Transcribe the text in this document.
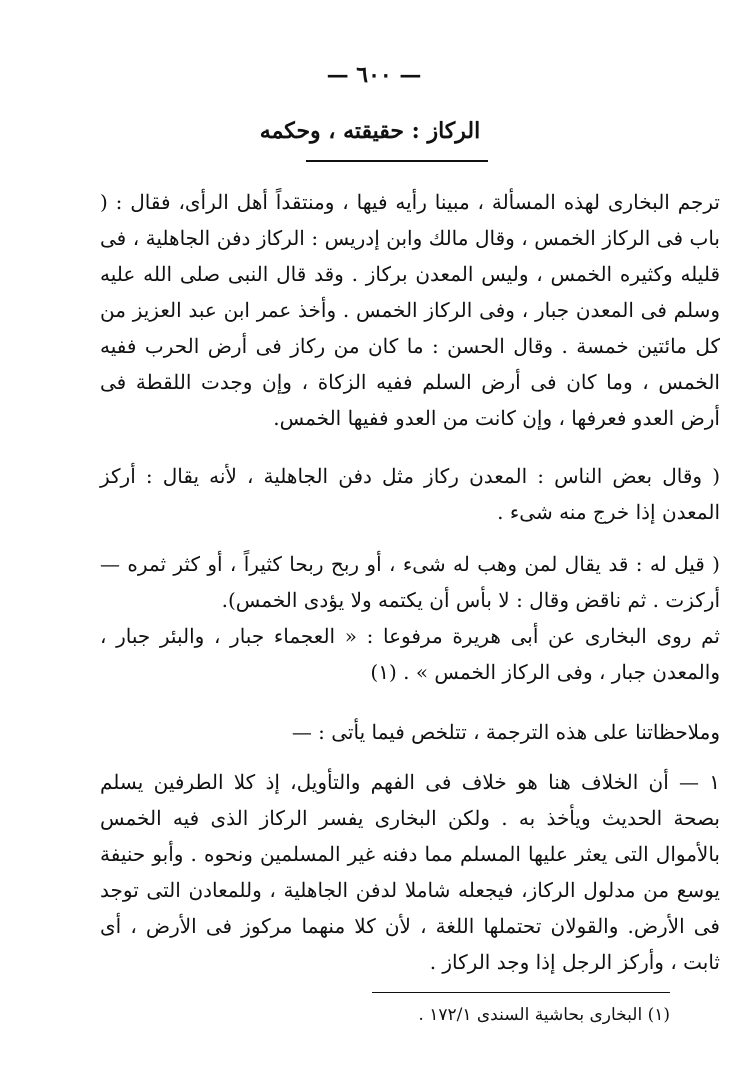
— ٦٠٠ —
الركاز : حقيقته ، وحكمه

ترجم البخارى لهذه المسألة ، مبينا رأيه فيها ، ومنتقداً أهل الرأى، فقال : ( باب فى الركاز الخمس ، وقال مالك وابن إدريس : الركاز دفن الجاهلية ، فى قليله وكثيره الخمس ، وليس المعدن بركاز . وقد قال النبى صلى الله عليه وسلم فى المعدن جبار ، وفى الركاز الخمس . وأخذ عمر ابن عبد العزيز من كل مائتين خمسة . وقال الحسن : ما كان من ركاز فى أرض الحرب ففيه الخمس ، وما كان فى أرض السلم ففيه الزكاة ، وإن وجدت اللقطة فى أرض العدو فعرفها ، وإن كانت من العدو ففيها الخمس.

( وقال بعض الناس : المعدن ركاز مثل دفن الجاهلية ، لأنه يقال : أركز المعدن إذا خرج منه شىء .

( قيل له : قد يقال لمن وهب له شىء ، أو ربح ربحا كثيراً ، أو كثر ثمره — أركزت . ثم ناقض وقال : لا بأس أن يكتمه ولا يؤدى الخمس).

ثم روى البخارى عن أبى هريرة مرفوعا : « العجماء جبار ، والبئر جبار ، والمعدن جبار ، وفى الركاز الخمس » . (١)

وملاحظاتنا على هذه الترجمة ، تتلخص فيما يأتى : —

١ — أن الخلاف هنا هو خلاف فى الفهم والتأويل، إذ كلا الطرفين يسلم بصحة الحديث ويأخذ به . ولكن البخارى يفسر الركاز الذى فيه الخمس بالأموال التى يعثر عليها المسلم مما دفنه غير المسلمين ونحوه . وأبو حنيفة يوسع من مدلول الركاز، فيجعله شاملا لدفن الجاهلية ، وللمعادن التى توجد فى الأرض. والقولان تحتملها اللغة ، لأن كلا منهما مركوز فى الأرض ، أى ثابت ، وأركز الرجل إذا وجد الركاز .

(١) البخارى بحاشية السندى ١٧٢/١ .
